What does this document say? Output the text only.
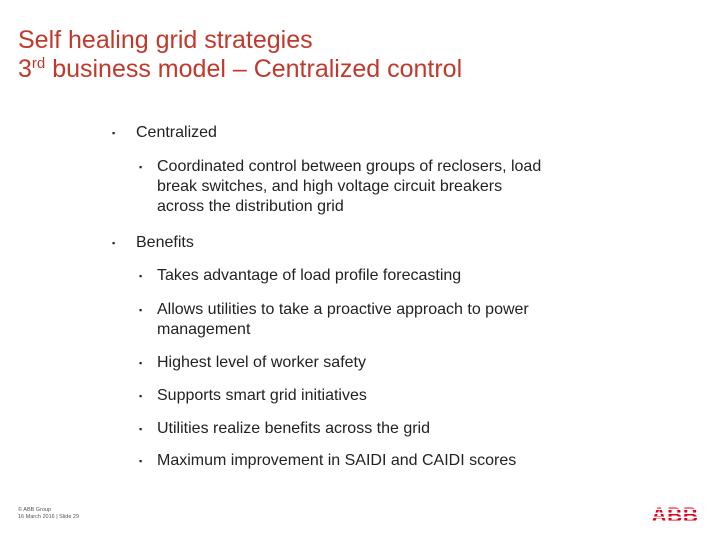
Self healing grid strategies
3rd business model – Centralized control
▪	Centralized
▪ Coordinated control between groups of reclosers, load
break switches, and high voltage circuit breakers
across the distribution grid
▪	Benefits
▪ Takes advantage of load profile forecasting
▪ Allows utilities to take a proactive approach to power
management
▪ Highest level of worker safety
▪ Supports smart grid initiatives
▪ Utilities realize benefits across the grid
▪ Maximum improvement in SAIDI and CAIDI scores
© ABB Group
16 March 2016 | Slide 29	ABB
